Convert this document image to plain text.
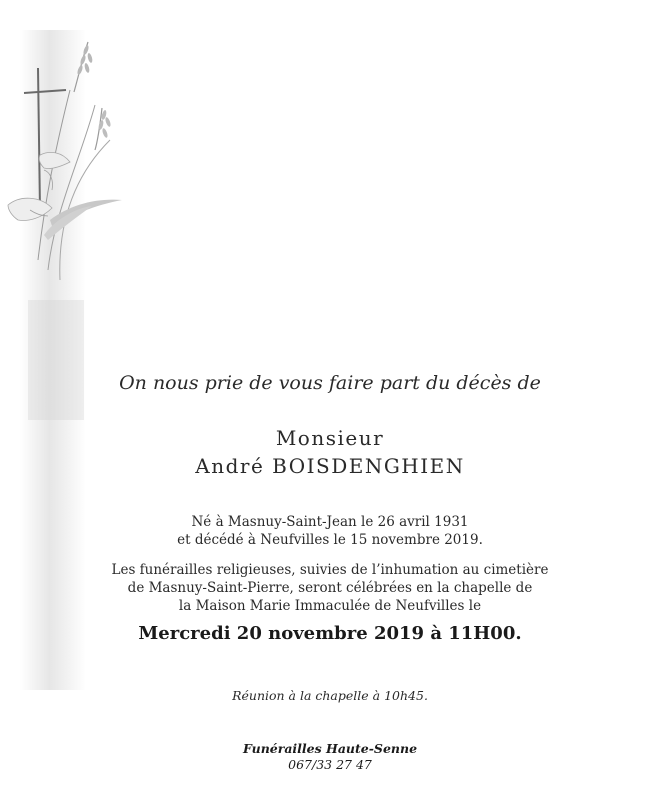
On nous prie de vous faire part du décès de
Monsieur
André BOISDENGHIEN
Né à Masnuy-Saint-Jean le 26 avril 1931
et décédé à Neufvilles le 15 novembre 2019.
Les funérailles religieuses, suivies de l’inhumation au cimetière
de Masnuy-Saint-Pierre, seront célébrées en la chapelle de
la Maison Marie Immaculée de Neufvilles le
Mercredi 20 novembre 2019 à 11H00.
Réunion à la chapelle à 10h45.
Funérailles Haute-Senne
067/33 27 47
